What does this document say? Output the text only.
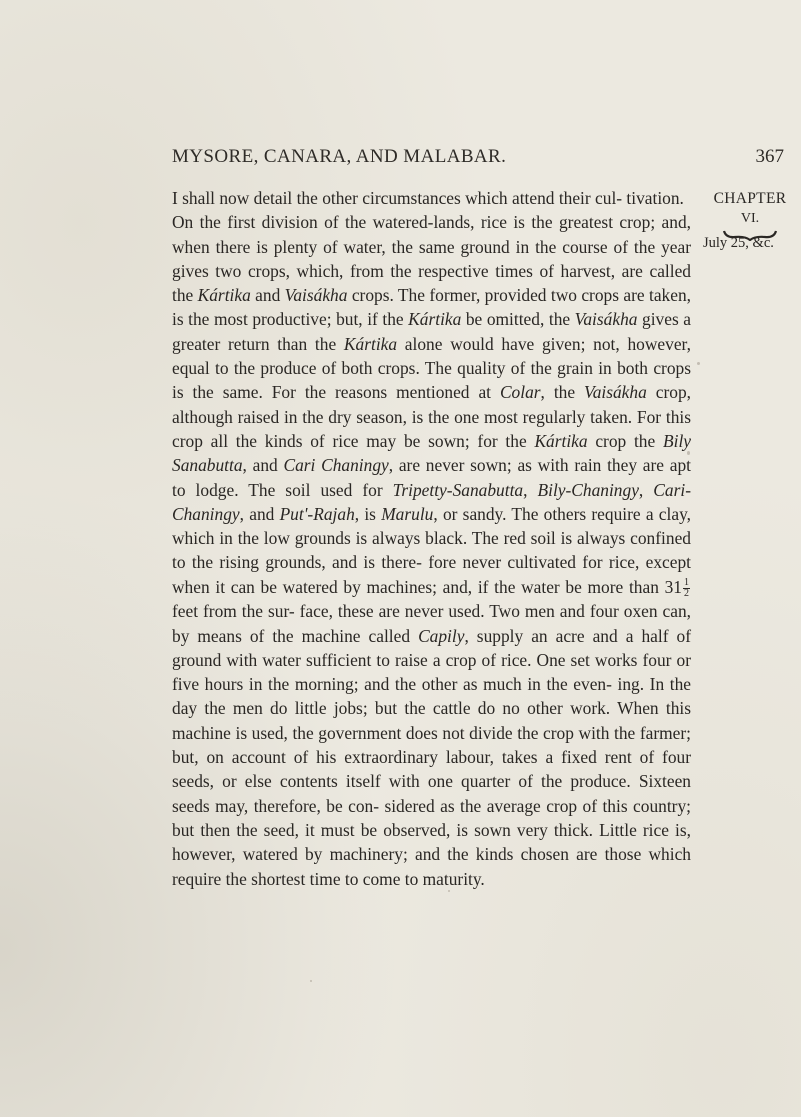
MYSORE, CANARA, AND MALABAR.	367
CHAPTER
VI.
July 25, &c.

I shall now detail the other circumstances which attend their cul- tivation.

On the first division of the watered-lands, rice is the greatest crop; and, when there is plenty of water, the same ground in the course of the year gives two crops, which, from the respective times of harvest, are called the Kártika and Vaisákha crops. The former, provided two crops are taken, is the most productive; but, if the Kártika be omitted, the Vaisákha gives a greater return than the Kártika alone would have given; not, however, equal to the produce of both crops. The quality of the grain in both crops is the same. For the reasons mentioned at Colar, the Vaisákha crop, although raised in the dry season, is the one most regularly taken. For this crop all the kinds of rice may be sown; for the Kártika crop the Bily Sanabutta, and Cari Chaningy, are never sown; as with rain they are apt to lodge. The soil used for Tripetty-Sanabutta, Bily-Chaningy, Cari-Chaningy, and Put'-Rajah, is Marulu, or sandy. The others require a clay, which in the low grounds is always black. The red soil is always confined to the rising grounds, and is there- fore never cultivated for rice, except when it can be watered by machines; and, if the water be more than $31 \frac{1}{2}$
feet from the sur- face, these are never used. Two men and four oxen can, by means of the machine called Capily, supply an acre and a half of ground with water sufficient to raise a crop of rice. One set works four or five hours in the morning; and the other as much in the even- ing. In the day the men do little jobs; but the cattle do no other work. When this machine is used, the government does not divide the crop with the farmer; but, on account of his extraordinary labour, takes a fixed rent of four seeds, or else contents itself with one quarter of the produce. Sixteen seeds may, therefore, be con- sidered as the average crop of this country; but then the seed, it must be observed, is sown very thick. Little rice is, however, watered by machinery; and the kinds chosen are those which require the shortest time to come to maturity.
